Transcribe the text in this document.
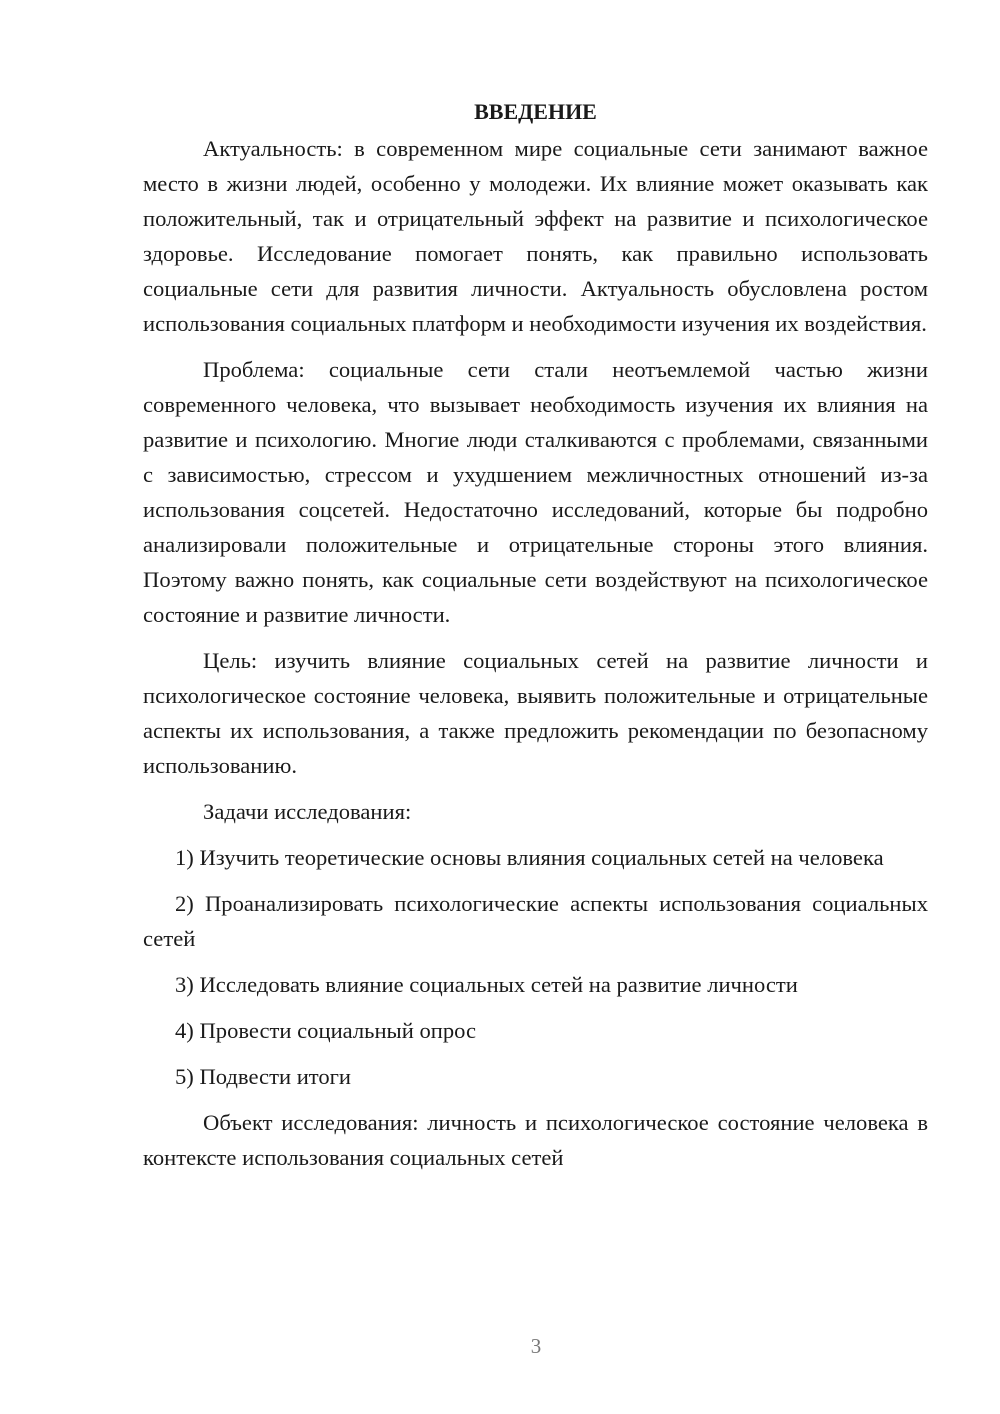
ВВЕДЕНИЕ

Актуальность: в современном мире социальные сети занимают важное место в жизни людей, особенно у молодежи. Их влияние может оказывать как положительный, так и отрицательный эффект на развитие и психологическое здоровье. Исследование помогает понять, как правильно использовать социальные сети для развития личности. Актуальность обусловлена ростом использования социальных платформ и необходимости изучения их воздействия.

Проблема: социальные сети стали неотъемлемой частью жизни современного человека, что вызывает необходимость изучения их влияния на развитие и психологию. Многие люди сталкиваются с проблемами, связанными с зависимостью, стрессом и ухудшением межличностных отношений из-за использования соцсетей. Недостаточно исследований, которые бы подробно анализировали положительные и отрицательные стороны этого влияния. Поэтому важно понять, как социальные сети воздействуют на психологическое состояние и развитие личности.

Цель: изучить влияние социальных сетей на развитие личности и психологическое состояние человека, выявить положительные и отрицательные аспекты их использования, а также предложить рекомендации по безопасному использованию.

Задачи исследования:

1) Изучить теоретические основы влияния социальных сетей на человека

2) Проанализировать психологические аспекты использования социальных сетей

3) Исследовать влияние социальных сетей на развитие личности

4) Провести социальный опрос

5) Подвести итоги

Объект исследования: личность и психологическое состояние человека в контексте использования социальных сетей

3
